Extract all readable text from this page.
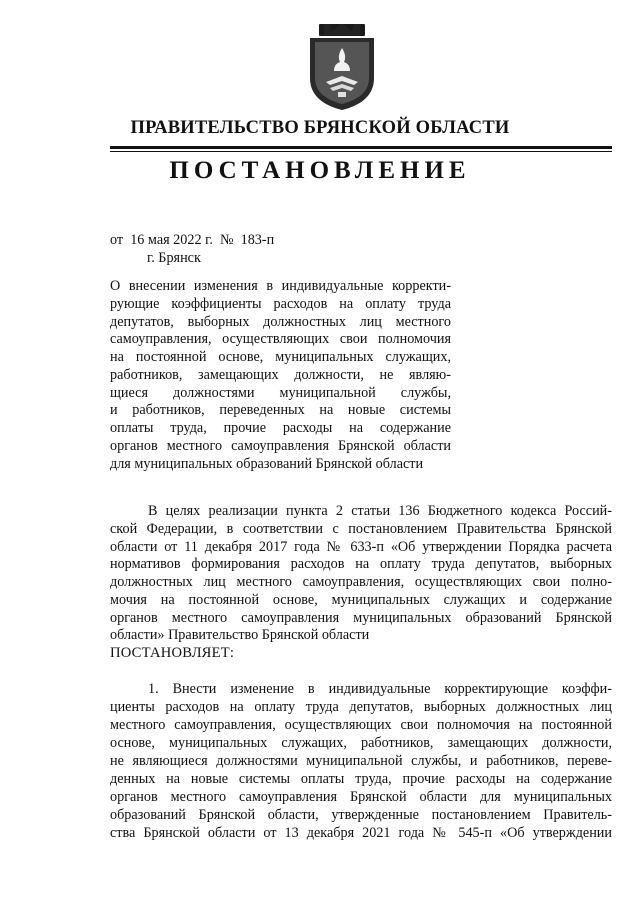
ПРАВИТЕЛЬСТВО БРЯНСКОЙ ОБЛАСТИ
ПОСТАНОВЛЕНИЕ
от  16 мая 2022 г.  №  183-п
г. Брянск
О внесении изменения в индивидуальные корректи-
рующие коэффициенты расходов на оплату труда
депутатов, выборных должностных лиц местного
самоуправления, осуществляющих свои полномочия
на постоянной основе, муниципальных служащих,
работников, замещающих должности, не являю-
щиеся должностями муниципальной службы,
и работников, переведенных на новые системы
оплаты труда, прочие расходы на содержание
органов местного самоуправления Брянской области
для муниципальных образований Брянской области
В целях реализации пункта 2 статьи 136 Бюджетного кодекса Россий-
ской Федерации, в соответствии с постановлением Правительства Брянской
области от 11 декабря 2017 года № 633-п «Об утверждении Порядка расчета
нормативов формирования расходов на оплату труда депутатов, выборных
должностных лиц местного самоуправления, осуществляющих свои полно-
мочия на постоянной основе, муниципальных служащих и содержание
органов местного самоуправления муниципальных образований Брянской
области» Правительство Брянской области
ПОСТАНОВЛЯЕТ:
1. Внести изменение в индивидуальные корректирующие коэффи-
циенты расходов на оплату труда депутатов, выборных должностных лиц
местного самоуправления, осуществляющих свои полномочия на постоянной
основе, муниципальных служащих, работников, замещающих должности,
не являющиеся должностями муниципальной службы, и работников, переве-
денных на новые системы оплаты труда, прочие расходы на содержание
органов местного самоуправления Брянской области для муниципальных
образований Брянской области, утвержденные постановлением Правитель-
ства Брянской области от 13 декабря 2021 года № 545-п «Об утверждении
